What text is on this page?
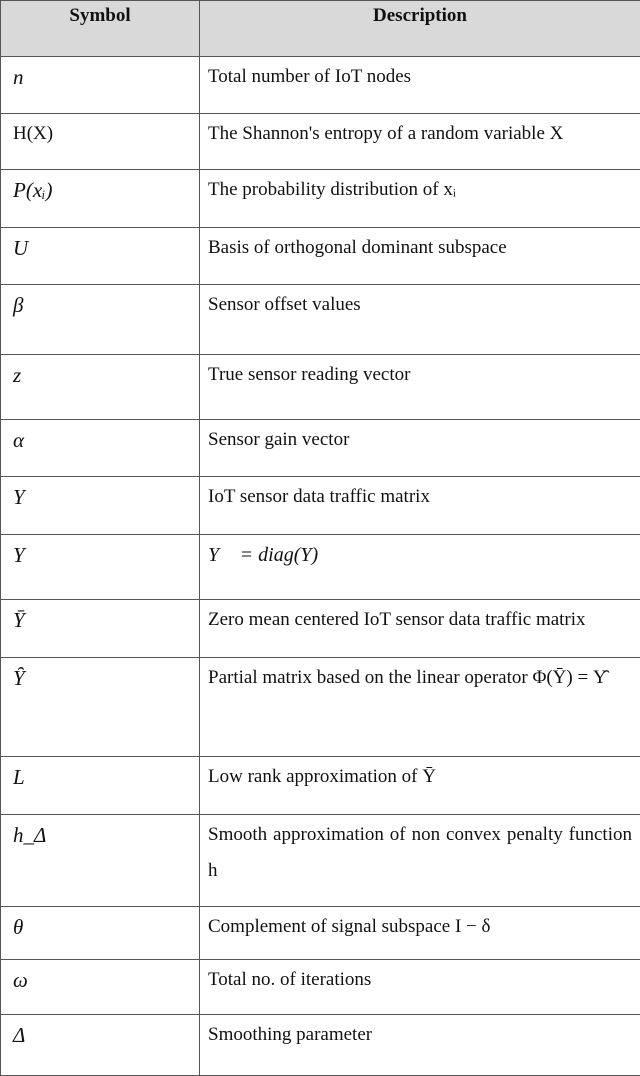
Symbol	Description
n	Total number of IoT nodes
H(X)	The Shannon's entropy of a random variable X
P(xᵢ)	The probability distribution of xᵢ
U	Basis of orthogonal dominant subspace
β	Sensor offset values
z	True sensor reading vector
α	Sensor gain vector
Y	IoT sensor data traffic matrix
Y⃗	Y⃗ = diag(Y)
Ȳ	Zero mean centered IoT sensor data traffic matrix
Y̑	Partial matrix based on the linear operator Φ(Ȳ) = Y̑
L	Low rank approximation of Ȳ
h_Δ	Smooth approximation of non convex penalty function h
θ	Complement of signal subspace I − δ
ω	Total no. of iterations
Δ	Smoothing parameter
